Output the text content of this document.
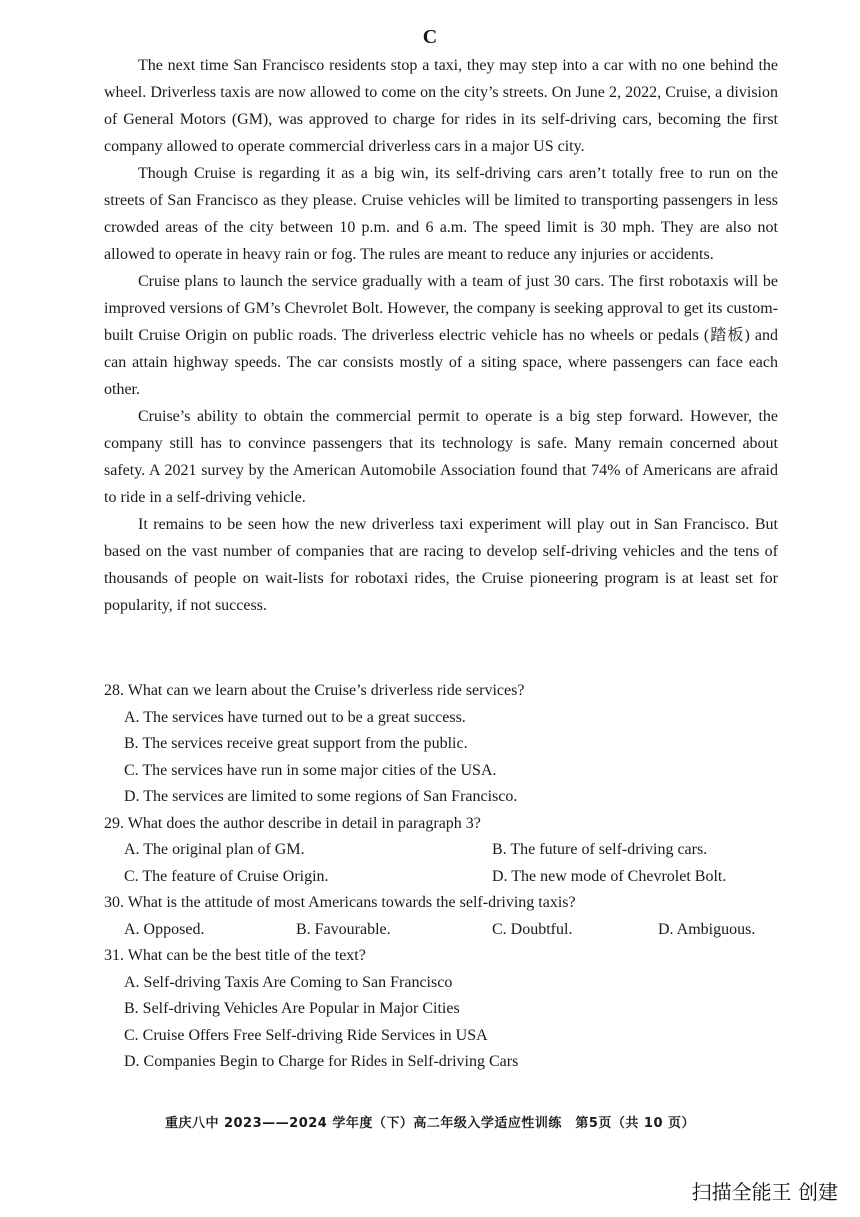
C

The next time San Francisco residents stop a taxi, they may step into a car with no one behind the wheel. Driverless taxis are now allowed to come on the city’s streets. On June 2, 2022, Cruise, a division of General Motors (GM), was approved to charge for rides in its self-driving cars, becoming the first company allowed to operate commercial driverless cars in a major US city.

Though Cruise is regarding it as a big win, its self-driving cars aren’t totally free to run on the streets of San Francisco as they please. Cruise vehicles will be limited to transporting passengers in less crowded areas of the city between 10 p.m. and 6 a.m. The speed limit is 30 mph. They are also not allowed to operate in heavy rain or fog. The rules are meant to reduce any injuries or accidents.

Cruise plans to launch the service gradually with a team of just 30 cars. The first robotaxis will be improved versions of GM’s Chevrolet Bolt. However, the company is seeking approval to get its custom-built Cruise Origin on public roads. The driverless electric vehicle has no wheels or pedals (踏板) and can attain highway speeds. The car consists mostly of a siting space, where passengers can face each other.

Cruise’s ability to obtain the commercial permit to operate is a big step forward. However, the company still has to convince passengers that its technology is safe. Many remain concerned about safety. A 2021 survey by the American Automobile Association found that 74% of Americans are afraid to ride in a self-driving vehicle.

It remains to be seen how the new driverless taxi experiment will play out in San Francisco. But based on the vast number of companies that are racing to develop self-driving vehicles and the tens of thousands of people on wait-lists for robotaxi rides, the Cruise pioneering program is at least set for popularity, if not success.

28. What can we learn about the Cruise’s driverless ride services?
A. The services have turned out to be a great success.
B. The services receive great support from the public.
C. The services have run in some major cities of the USA.
D. The services are limited to some regions of San Francisco.
29. What does the author describe in detail in paragraph 3?
A. The original plan of GM.	B. The future of self-driving cars.
C. The feature of Cruise Origin.	D. The new mode of Chevrolet Bolt.
30. What is the attitude of most Americans towards the self-driving taxis?
A. Opposed.	B. Favourable.	C. Doubtful.	D. Ambiguous.
31. What can be the best title of the text?
A. Self-driving Taxis Are Coming to San Francisco
B. Self-driving Vehicles Are Popular in Major Cities
C. Cruise Offers Free Self-driving Ride Services in USA
D. Companies Begin to Charge for Rides in Self-driving Cars
重庆八中 2023——2024 学年度（下）高二年级入学适应性训练　第5页（共 10 页）
扫描全能王 创建
